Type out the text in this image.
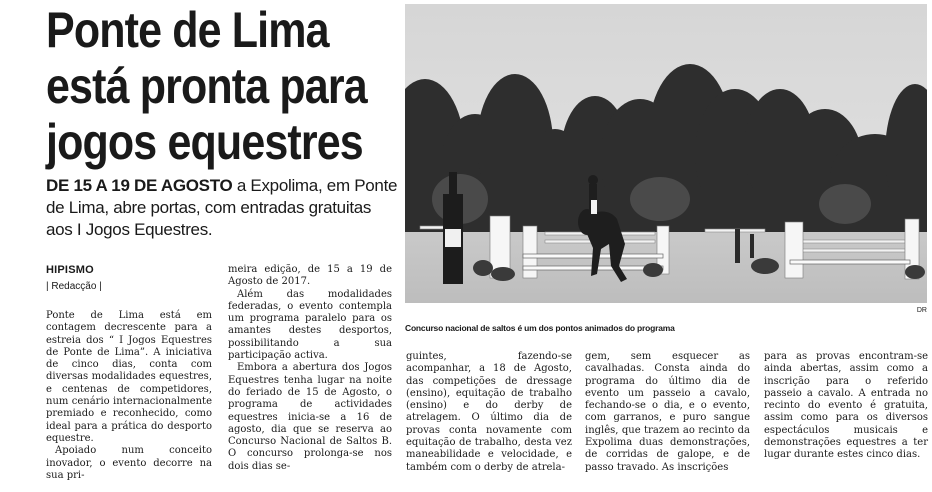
Ponte de Lima
está pronta para
jogos equestres

DE 15 A 19 DE AGOSTO a Expolima, em Ponte de Lima, abre portas, com entradas gratuitas aos I Jogos Equestres.

HIPISMO

| Redacção |

Ponte de Lima está em contagem decrescente para a estreia dos “ I Jogos Equestres de Ponte de Lima”. A iniciativa de cinco dias, conta com diversas modalidades equestres, e centenas de competidores, num cenário internacionalmente premiado e reconhecido, como ideal para a prática do desporto equestre.

Apoiado num conceito inovador, o evento decorre na sua pri-

meira edição, de 15 a 19 de Agosto de 2017.

Além das modalidades federadas, o evento contempla um programa paralelo para os amantes destes desportos, possibilitando a sua participação activa.

Embora a abertura dos Jogos Equestres tenha lugar na noite do feriado de 15 de Agosto, o programa de actividades equestres inicia-se a 16 de agosto, dia que se reserva ao Concurso Nacional de Saltos B. O concurso prolonga-se nos dois dias se-

guintes, fazendo-se acompanhar, a 18 de Agosto, das competições de dressage (ensino), equitação de trabalho (ensino) e do derby de atrelagem. O último dia de provas conta novamente com equitação de trabalho, desta vez maneabilidade e velocidade, e também com o derby de atrela-

gem, sem esquecer as cavalhadas. Consta ainda do programa do último dia de evento um passeio a cavalo, fechando-se o dia, e o evento, com garranos, e puro sangue inglês, que trazem ao recinto da Expolima duas demonstrações, de corridas de galope, e de passo travado. As inscrições

para as provas encontram-se ainda abertas, assim como a inscrição para o referido passeio a cavalo. A entrada no recinto do evento é gratuita, assim como para os diversos espectáculos musicais e demonstrações equestres a ter lugar durante estes cinco dias.

DR

Concurso nacional de saltos é um dos pontos animados do programa
